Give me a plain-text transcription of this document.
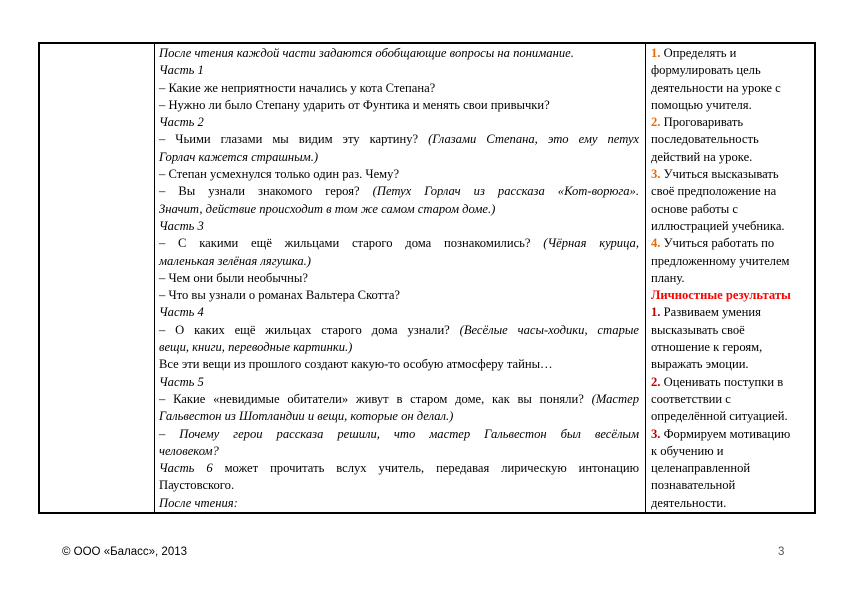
После чтения каждой части задаются обобщающие вопросы на понимание.
Часть 1
– Какие же неприятности начались у кота Степана?
– Нужно ли было Степану ударить от Фунтика и менять свои привычки?
Часть 2
– Чьими глазами мы видим эту картину? (Глазами Степана, это ему петух
Горлач кажется страшным.)
– Степан усмехнулся только один раз. Чему?
– Вы узнали знакомого героя? (Петух Горлач из рассказа «Кот-ворюга».
Значит, действие происходит в том же самом старом доме.)
Часть 3
– С какими ещё жильцами старого дома познакомились? (Чёрная курица,
маленькая зелёная лягушка.)
– Чем они были необычны?
– Что вы узнали о романах Вальтера Скотта?
Часть 4
– О каких ещё жильцах старого дома узнали? (Весёлые часы-ходики, старые
вещи, книги, переводные картинки.)
Все эти вещи из прошлого создают какую-то особую атмосферу тайны…
Часть 5
– Какие «невидимые обитатели» живут в старом доме, как вы поняли? (Мастер
Гальвестон из Шотландии и вещи, которые он делал.)
– Почему герои рассказа решили, что мастер Гальвестон был весёлым
человеком?
Часть 6 может прочитать вслух учитель, передавая лирическую интонацию
Паустовского.
После чтения:
1. Определять и
формулировать цель
деятельности на уроке с
помощью учителя.
2. Проговаривать
последовательность
действий на уроке.
3. Учиться высказывать
своё предположение на
основе работы с
иллюстрацией учебника.
4. Учиться работать по
предложенному учителем
плану.
Личностные результаты
1. Развиваем умения
высказывать своё
отношение к героям,
выражать эмоции.
2. Оценивать поступки в
соответствии с
определённой ситуацией.
3. Формируем мотивацию
к обучению и
целенаправленной
познавательной
деятельности.
© ООО «Баласс», 2013	3
